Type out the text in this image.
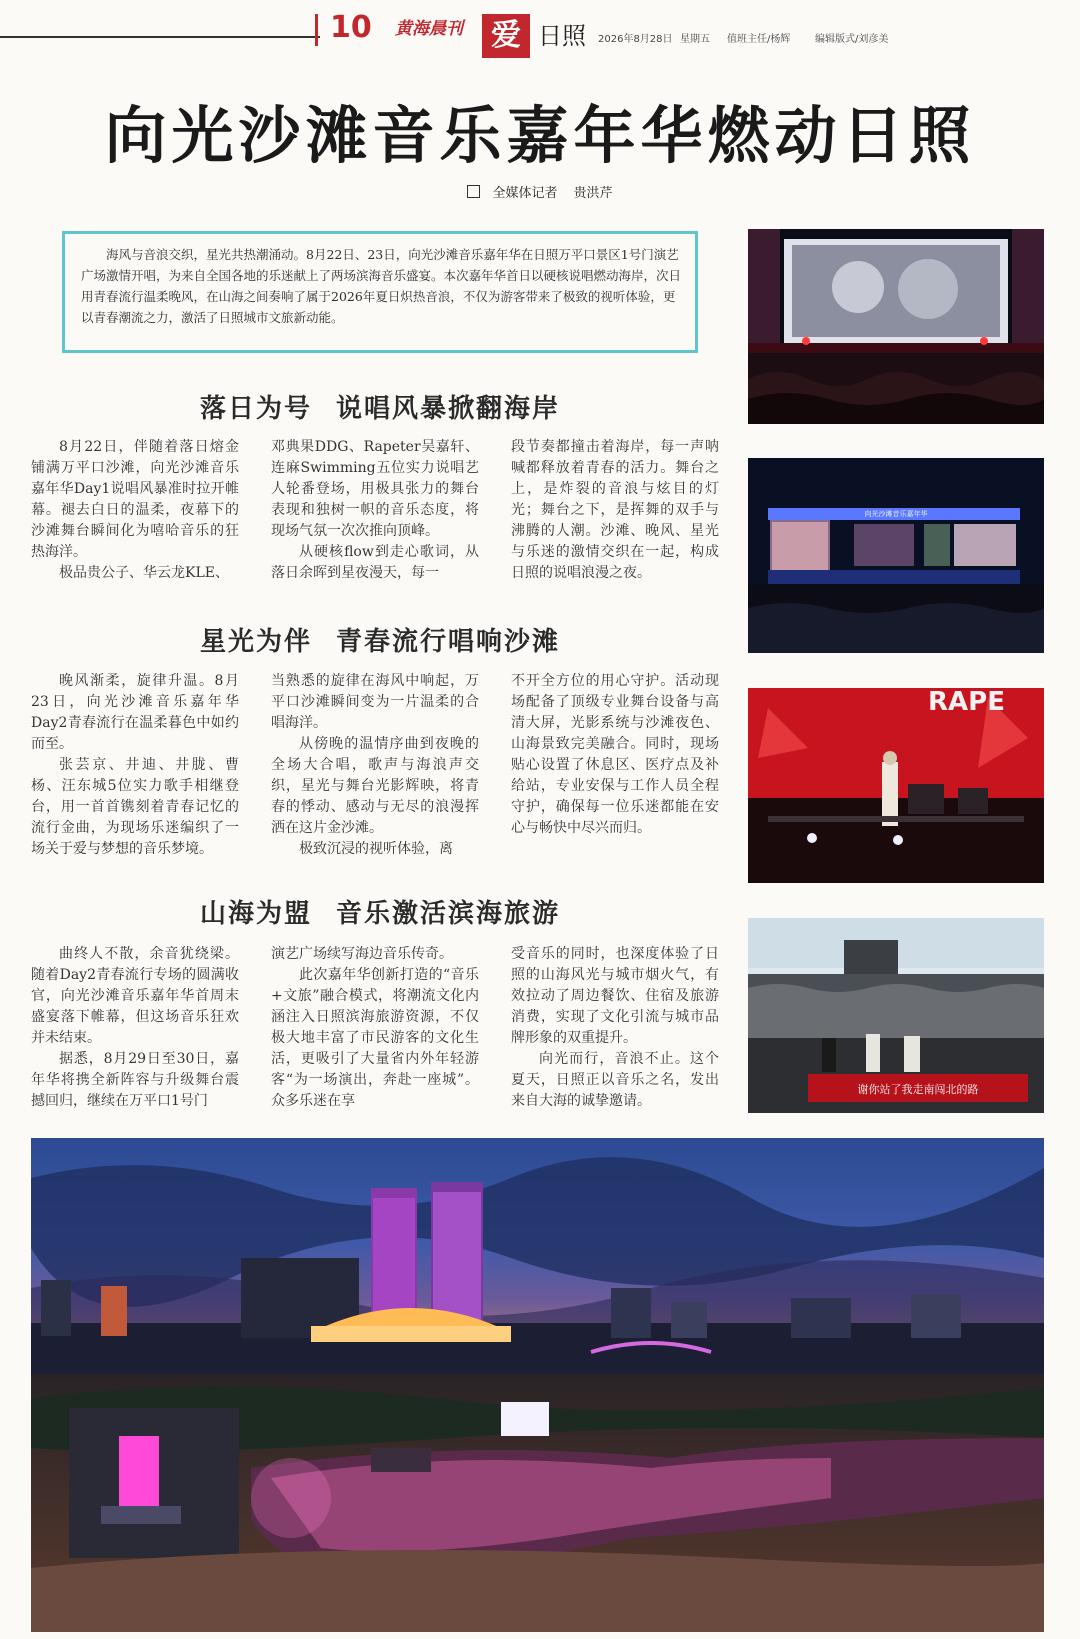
10 黄海晨刊 爱 日照 2026年8月28日 星期五 值班主任/杨辉 编辑版式/刘彦美
向光沙滩音乐嘉年华燃动日照
全媒体记者 贵洪芹
海风与音浪交织，星光共热潮涌动。8月22日、23日，向光沙滩音乐嘉年华在日照万平口景区1号门演艺广场激情开唱，为来自全国各地的乐迷献上了两场滨海音乐盛宴。本次嘉年华首日以硬核说唱燃动海岸，次日用青春流行温柔晚风，在山海之间奏响了属于2026年夏日炽热音浪，不仅为游客带来了极致的视听体验，更以青春潮流之力，激活了日照城市文旅新动能。
落日为号 说唱风暴掀翻海岸

8月22日，伴随着落日熔金铺满万平口沙滩，向光沙滩音乐嘉年华Day1说唱风暴准时拉开帷幕。褪去白日的温柔，夜幕下的沙滩舞台瞬间化为嘻哈音乐的狂热海洋。

极品贵公子、华云龙KLE、

邓典果DDG、Rapeter吴嘉轩、连麻Swimming五位实力说唱艺人轮番登场，用极具张力的舞台表现和独树一帜的音乐态度，将现场气氛一次次推向顶峰。

从硬核flow到走心歌词，从落日余晖到星夜漫天，每一

段节奏都撞击着海岸，每一声呐喊都释放着青春的活力。舞台之上，是炸裂的音浪与炫目的灯光；舞台之下，是挥舞的双手与沸腾的人潮。沙滩、晚风、星光与乐迷的激情交织在一起，构成日照的说唱浪漫之夜。

星光为伴 青春流行唱响沙滩

晚风渐柔，旋律升温。8月23日，向光沙滩音乐嘉年华Day2青春流行在温柔暮色中如约而至。

张芸京、井迪、井胧、曹杨、汪东城5位实力歌手相继登台，用一首首镌刻着青春记忆的流行金曲，为现场乐迷编织了一场关于爱与梦想的音乐梦境。

当熟悉的旋律在海风中响起，万平口沙滩瞬间变为一片温柔的合唱海洋。

从傍晚的温情序曲到夜晚的全场大合唱，歌声与海浪声交织，星光与舞台光影辉映，将青春的悸动、感动与无尽的浪漫挥洒在这片金沙滩。

极致沉浸的视听体验，离

不开全方位的用心守护。活动现场配备了顶级专业舞台设备与高清大屏，光影系统与沙滩夜色、山海景致完美融合。同时，现场贴心设置了休息区、医疗点及补给站，专业安保与工作人员全程守护，确保每一位乐迷都能在安心与畅快中尽兴而归。

山海为盟 音乐激活滨海旅游

曲终人不散，余音犹绕梁。随着Day2青春流行专场的圆满收官，向光沙滩音乐嘉年华首周末盛宴落下帷幕，但这场音乐狂欢并未结束。

据悉，8月29日至30日，嘉年华将携全新阵容与升级舞台震撼回归，继续在万平口1号门

演艺广场续写海边音乐传奇。

此次嘉年华创新打造的“音乐+文旅”融合模式，将潮流文化内涵注入日照滨海旅游资源，不仅极大地丰富了市民游客的文化生活，更吸引了大量省内外年轻游客“为一场演出，奔赴一座城”。众多乐迷在享

受音乐的同时，也深度体验了日照的山海风光与城市烟火气，有效拉动了周边餐饮、住宿及旅游消费，实现了文化引流与城市品牌形象的双重提升。

向光而行，音浪不止。这个夏天，日照正以音乐之名，发出来自大海的诚挚邀请。

向光沙滩音乐嘉年华
RAPE
谢你站了我走南闯北的路
